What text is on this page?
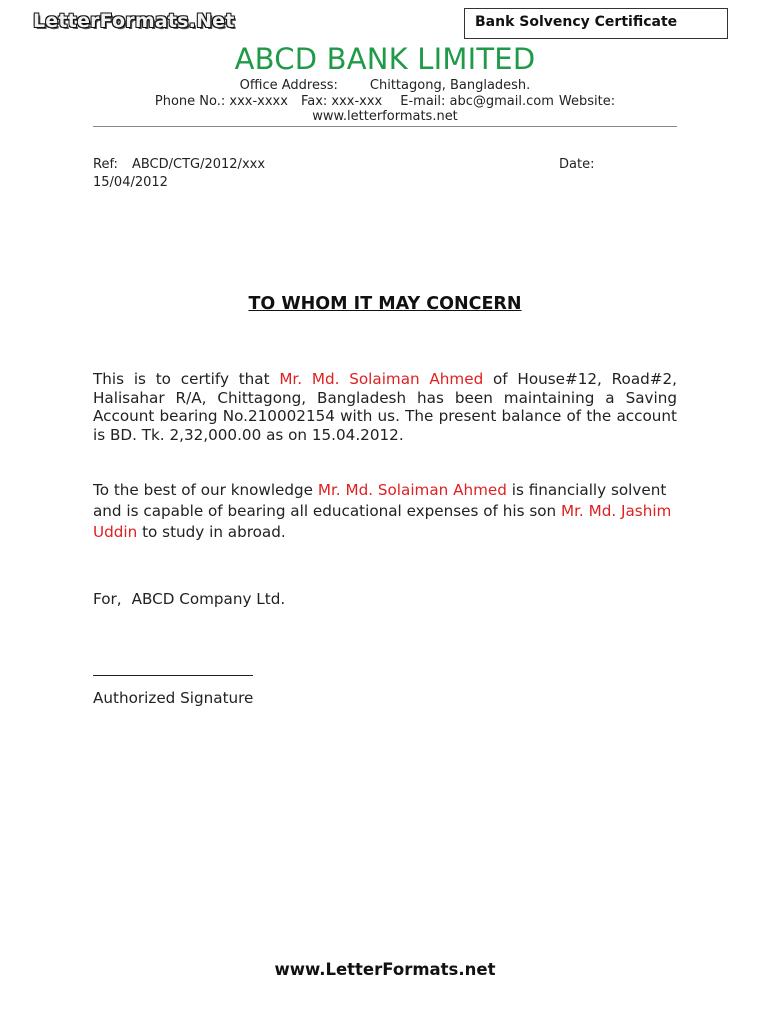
LetterFormats.Net	Bank Solvency Certificate
ABCD BANK LIMITED
Office Address: Chittagong, Bangladesh.
Phone No.: xxx-xxxx Fax: xxx-xxx E-mail: abc@gmail.com Website:
www.letterformats.net
Ref: ABCD/CTG/2012/xxx	Date:
15/04/2012
TO WHOM IT MAY CONCERN
This is to certify that Mr. Md. Solaiman Ahmed of House#12, Road#2, Halisahar R/A, Chittagong, Bangladesh has been maintaining a Saving Account bearing No.210002154 with us. The present balance of the account is BD. Tk. 2,32,000.00 as on 15.04.2012.
To the best of our knowledge Mr. Md. Solaiman Ahmed is financially solvent and is capable of bearing all educational expenses of his son Mr. Md. Jashim Uddin to study in abroad.
For, ABCD Company Ltd.
Authorized Signature
www.LetterFormats.net
